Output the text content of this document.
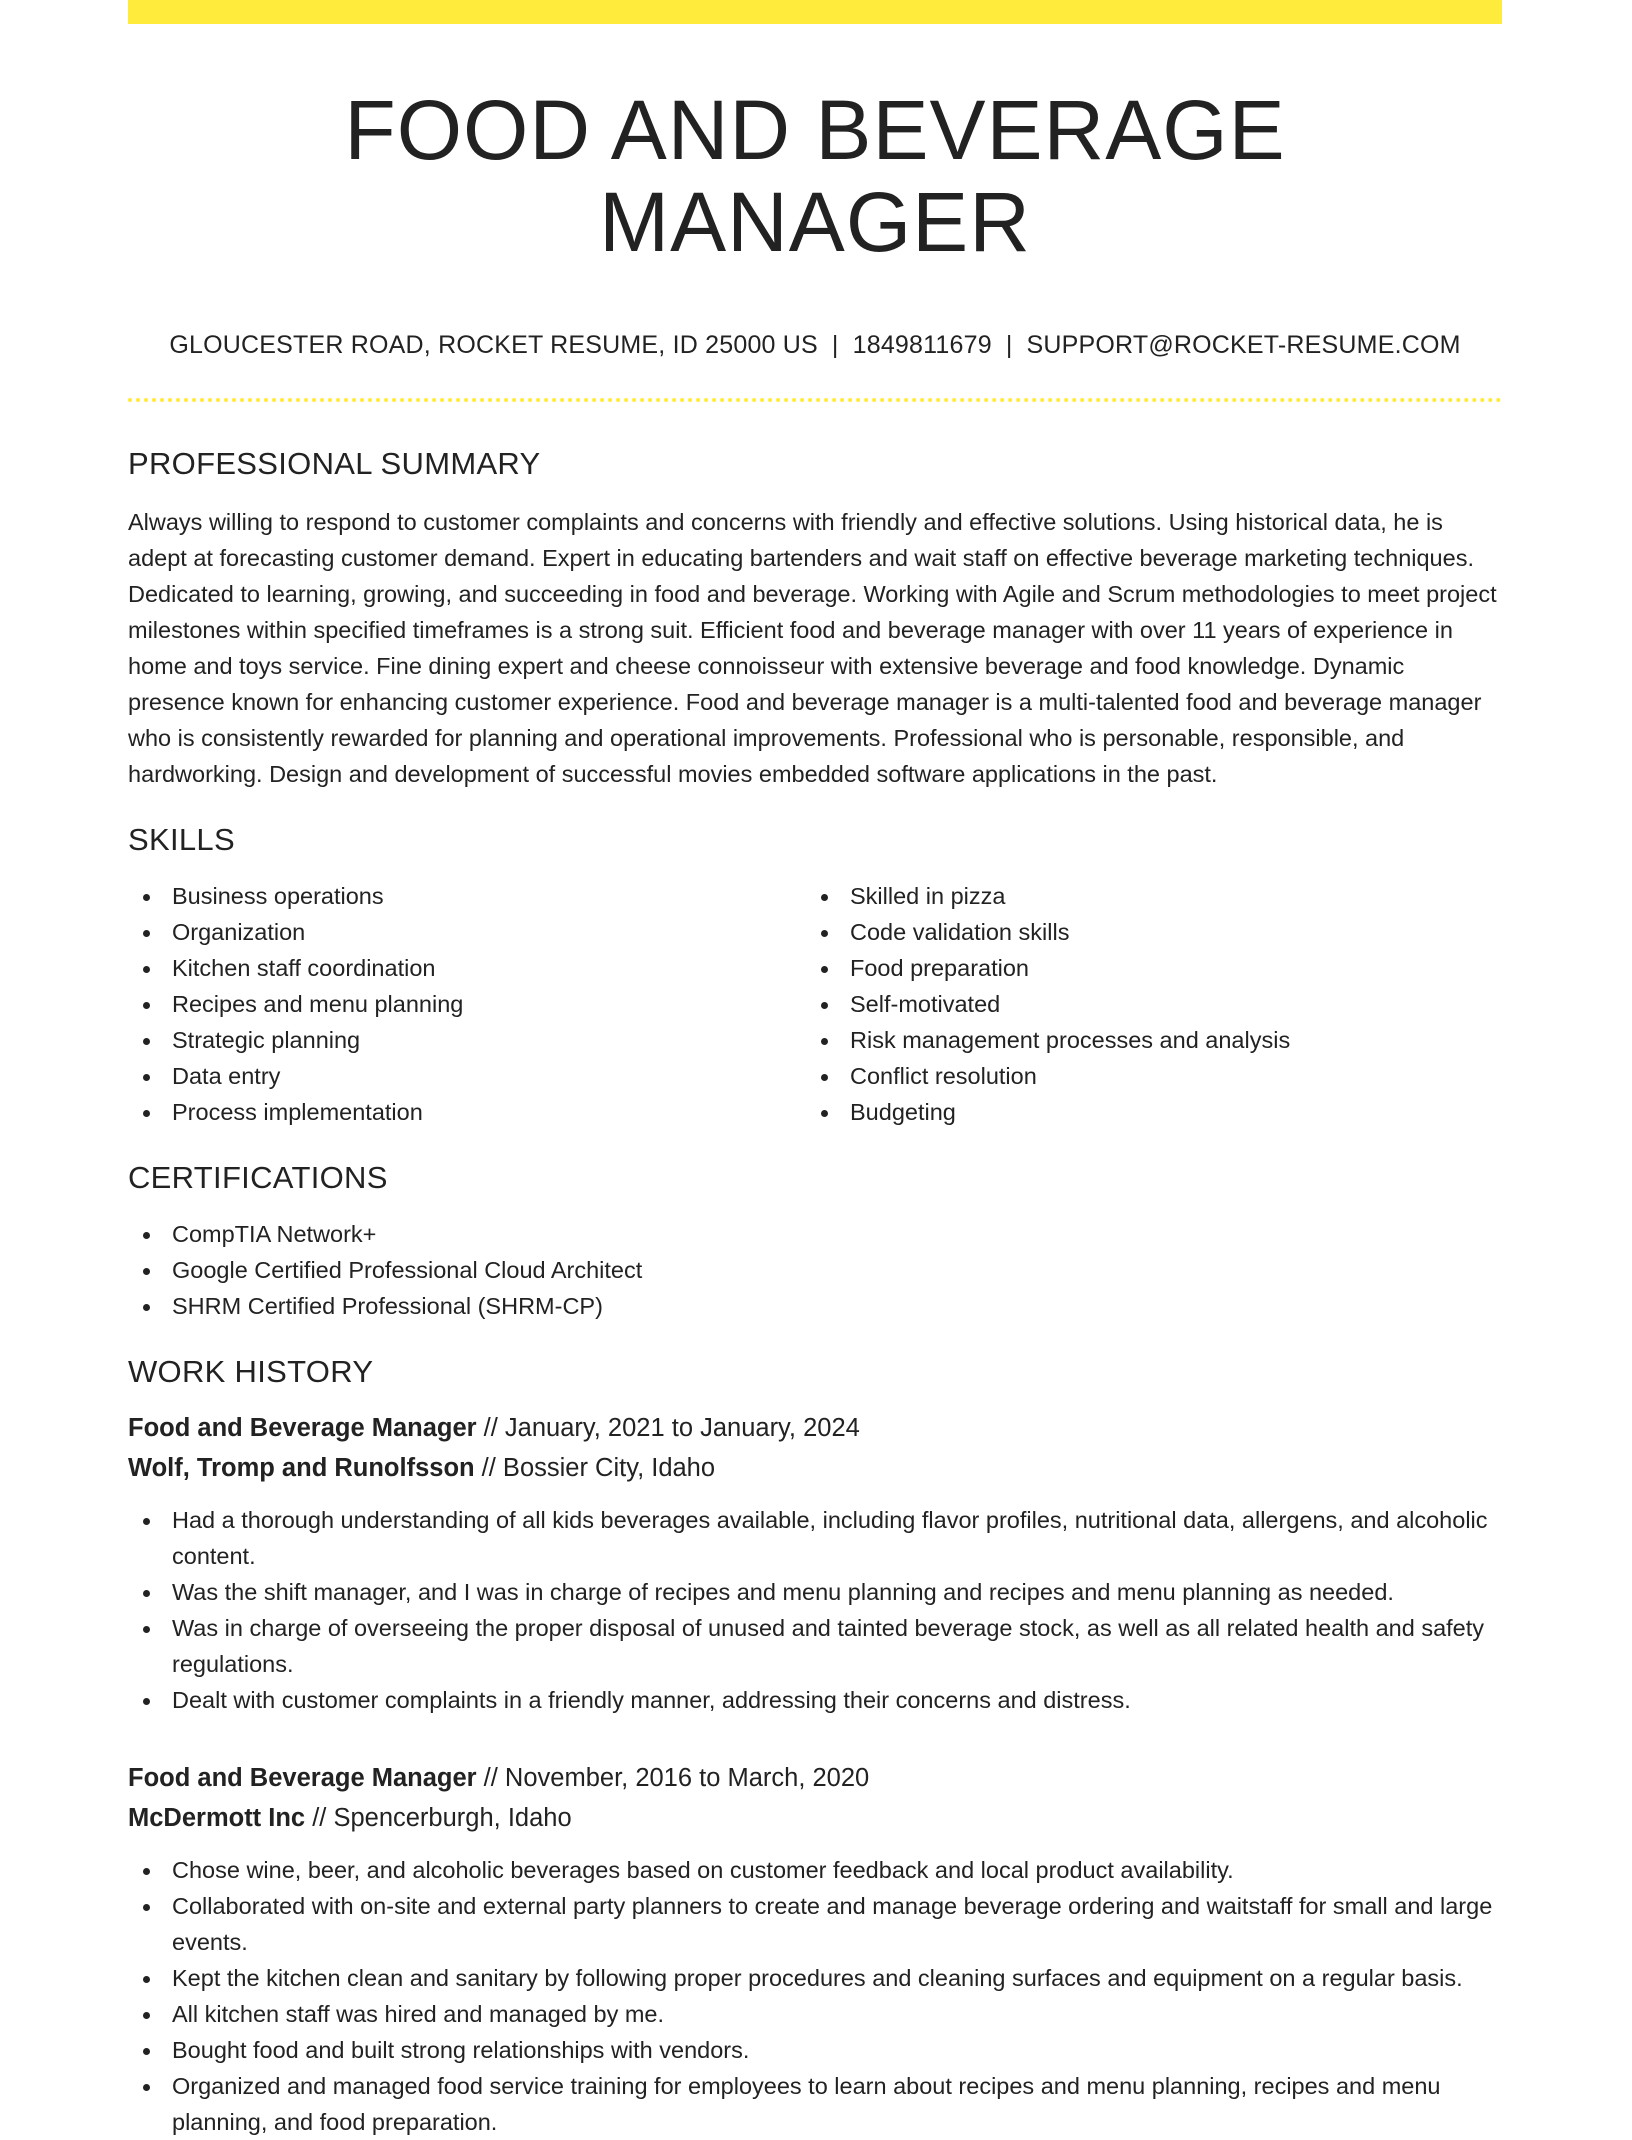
FOOD AND BEVERAGE MANAGER
GLOUCESTER ROAD, ROCKET RESUME, ID 25000 US | 1849811679 | SUPPORT@ROCKET-RESUME.COM
PROFESSIONAL SUMMARY

Always willing to respond to customer complaints and concerns with friendly and effective solutions. Using historical data, he is adept at forecasting customer demand. Expert in educating bartenders and wait staff on effective beverage marketing techniques. Dedicated to learning, growing, and succeeding in food and beverage. Working with Agile and Scrum methodologies to meet project milestones within specified timeframes is a strong suit. Efficient food and beverage manager with over 11 years of experience in home and toys service. Fine dining expert and cheese connoisseur with extensive beverage and food knowledge. Dynamic presence known for enhancing customer experience. Food and beverage manager is a multi-talented food and beverage manager who is consistently rewarded for planning and operational improvements. Professional who is personable, responsible, and hardworking. Design and development of successful movies embedded software applications in the past.

SKILLS
Business operations
Organization
Kitchen staff coordination
Recipes and menu planning
Strategic planning
Data entry
Process implementation
Skilled in pizza
Code validation skills
Food preparation
Self-motivated
Risk management processes and analysis
Conflict resolution
Budgeting
CERTIFICATIONS
CompTIA Network+
Google Certified Professional Cloud Architect
SHRM Certified Professional (SHRM-CP)
WORK HISTORY
Food and Beverage Manager // January, 2021 to January, 2024
Wolf, Tromp and Runolfsson // Bossier City, Idaho
Had a thorough understanding of all kids beverages available, including flavor profiles, nutritional data, allergens, and alcoholic content.
Was the shift manager, and I was in charge of recipes and menu planning and recipes and menu planning as needed.
Was in charge of overseeing the proper disposal of unused and tainted beverage stock, as well as all related health and safety regulations.
Dealt with customer complaints in a friendly manner, addressing their concerns and distress.
Food and Beverage Manager // November, 2016 to March, 2020
McDermott Inc // Spencerburgh, Idaho
Chose wine, beer, and alcoholic beverages based on customer feedback and local product availability.
Collaborated with on-site and external party planners to create and manage beverage ordering and waitstaff for small and large events.
Kept the kitchen clean and sanitary by following proper procedures and cleaning surfaces and equipment on a regular basis.
All kitchen staff was hired and managed by me.
Bought food and built strong relationships with vendors.
Organized and managed food service training for employees to learn about recipes and menu planning, recipes and menu planning, and food preparation.
